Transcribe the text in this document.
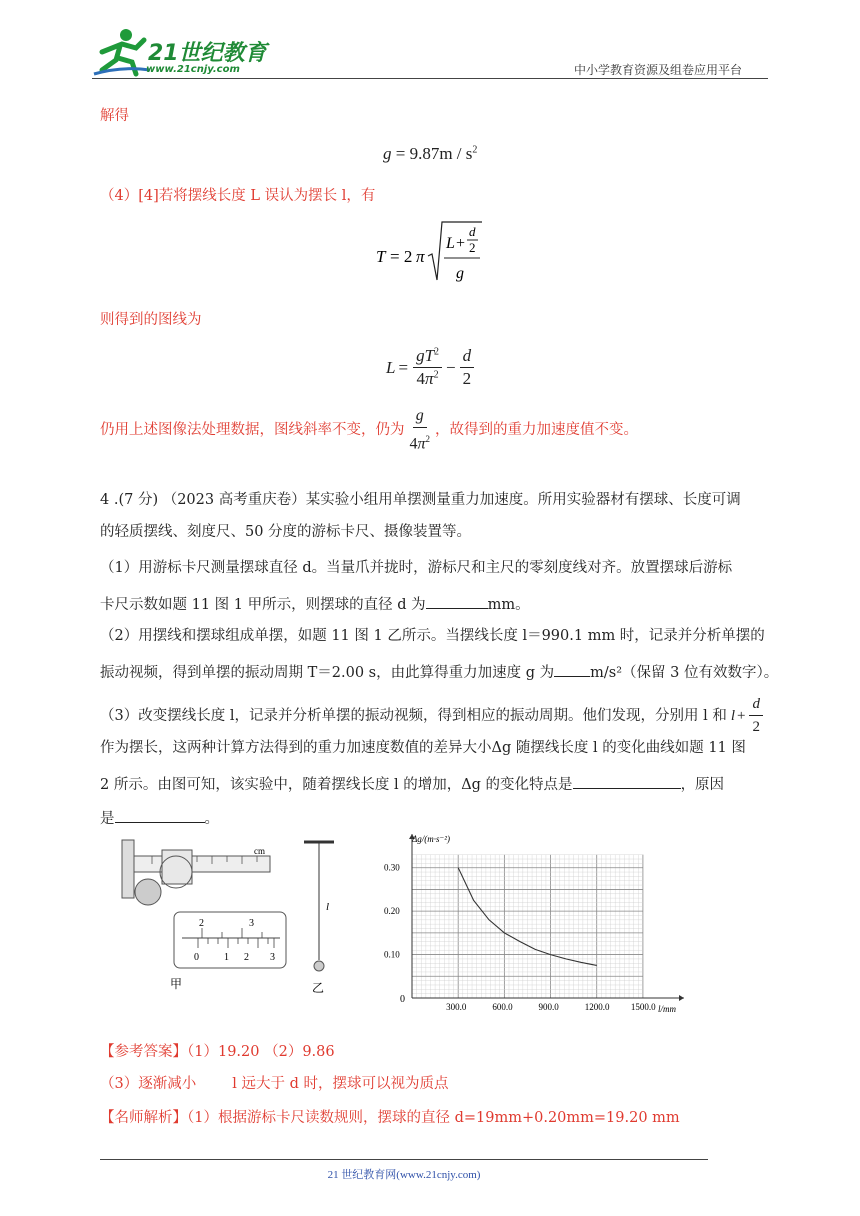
21世纪教育
www.21cnjy.com	中小学教育资源及组卷应用平台
解得
$g = 9.87m / s^2$
（4）[4]若将摆线长度 L 误认为摆长 l，有
T = 2 π
L +
d
2
g
则得到的图线为
$L = \frac{gT^2}{4\pi^2} - \frac{d}{2}$
仍用上述图像法处理数据，图线斜率不变，仍为 $\frac{g}{4\pi^2}$ ，故得到的重力加速度值不变。
4 .(7 分) （2023 高考重庆卷）某实验小组用单摆测量重力加速度。所用实验器材有摆球、长度可调
的轻质摆线、刻度尺、50 分度的游标卡尺、摄像装置等。
（1）用游标卡尺测量摆球直径 d。当量爪并拢时，游标尺和主尺的零刻度线对齐。放置摆球后游标
卡尺示数如题 11 图 1 甲所示，则摆球的直径 d 为	mm。
（2）用摆线和摆球组成单摆，如题 11 图 1 乙所示。当摆线长度 l＝990.1 mm 时，记录并分析单摆的
振动视频，得到单摆的振动周期 T＝2.00 s，由此算得重力加速度 g 为 m/s²（保留 3 位有效数字）。
（3）改变摆线长度 l，记录并分析单摆的振动视频，得到相应的振动周期。他们发现，分别用 l 和 $l + \frac{d}{2}$
作为摆长，这两种计算方法得到的重力加速度数值的差异大小Δg 随摆线长度 l 的变化曲线如题 11 图
2 所示。由图可知，该实验中，随着摆线长度 l 的增加，Δg 的变化特点是	，原因
是	。
cm
2	3
0	1 2 3
甲
l
乙
300.0	600.0	900.0	1200.0 1500.0
0.10
0.20
0.30
Δg/(m·s⁻²)
l/mm
0
【参考答案】（1）19.20 （2）9.86
（3）逐渐减小 l 远大于 d 时，摆球可以视为质点
【名师解析】（1）根据游标卡尺读数规则，摆球的直径 d=19mm+0.20mm=19.20 mm
21 世纪教育网(www.21cnjy.com)
